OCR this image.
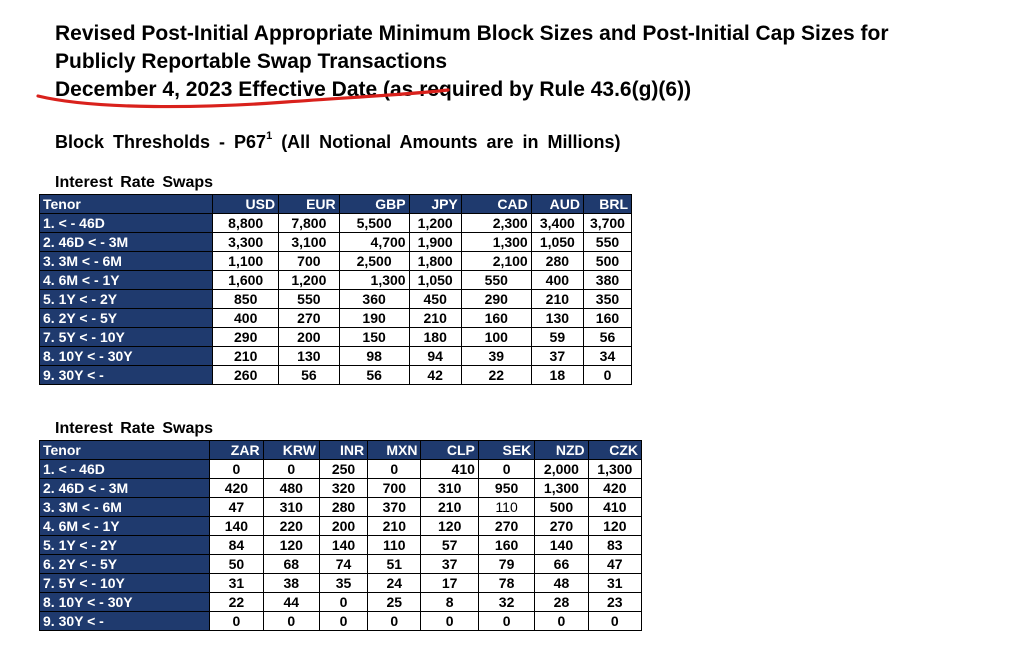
Revised Post-Initial Appropriate Minimum Block Sizes and Post-Initial Cap Sizes for
Publicly Reportable Swap Transactions
December 4, 2023 Effective Date (as required by Rule 43.6(g)(6))
Block Thresholds - $P67^1$ (All Notional Amounts are in Millions)
Interest Rate Swaps
Tenor	USD	EUR	GBP	JPY	CAD	AUD	BRL
1. < - 46D	8,800	7,800	5,500	1,200	2,300	3,400	3,700
2. 46D < - 3M	3,300	3,100	4,700	1,900	1,300	1,050	550
3. 3M < - 6M	1,100	700	2,500	1,800	2,100	280	500
4. 6M < - 1Y	1,600	1,200	1,300	1,050	550	400	380
5. 1Y < - 2Y	850	550	360	450	290	210	350
6. 2Y < - 5Y	400	270	190	210	160	130	160
7. 5Y < - 10Y	290	200	150	180	100	59	56
8. 10Y < - 30Y	210	130	98	94	39	37	34
9. 30Y < -	260	56	56	42	22	18	0
Interest Rate Swaps
Tenor	ZAR	KRW	INR	MXN	CLP	SEK	NZD	CZK
1. < - 46D	0	0	250	0	410	0	2,000	1,300
2. 46D < - 3M	420	480	320	700	310	950	1,300	420
3. 3M < - 6M	47	310	280	370	210	110	500	410
4. 6M < - 1Y	140	220	200	210	120	270	270	120
5. 1Y < - 2Y	84	120	140	110	57	160	140	83
6. 2Y < - 5Y	50	68	74	51	37	79	66	47
7. 5Y < - 10Y	31	38	35	24	17	78	48	31
8. 10Y < - 30Y	22	44	0	25	8	32	28	23
9. 30Y < -	0	0	0	0	0	0	0	0
